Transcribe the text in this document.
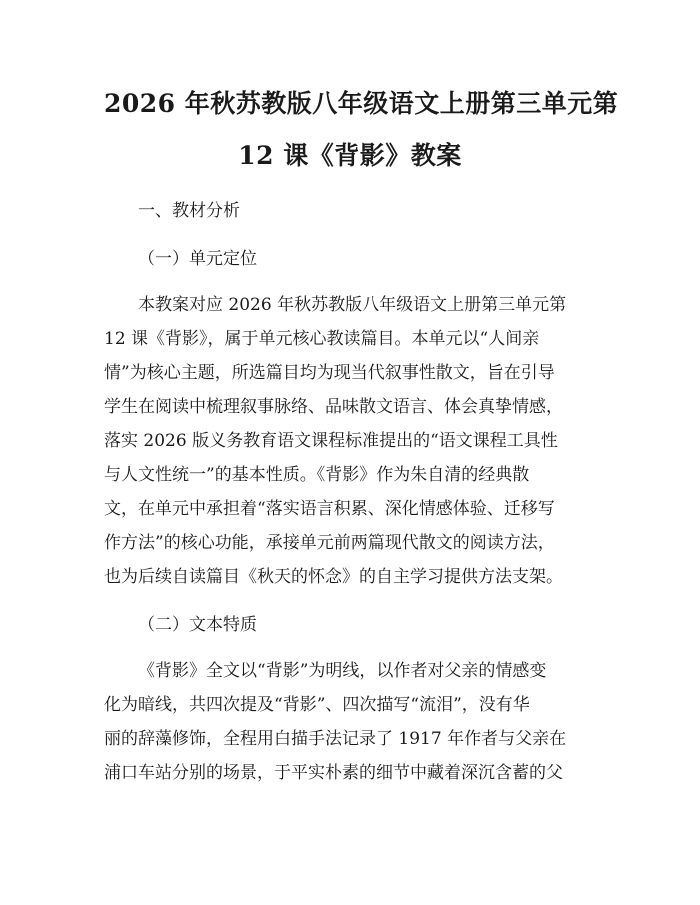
2026 年秋苏教版八年级语文上册第三单元第
12 课《背影》教案

一、教材分析

（一）单元定位

本教案对应 2026 年秋苏教版八年级语文上册第三单元第
12 课《背影》，属于单元核心教读篇目。本单元以“人间亲
情”为核心主题，所选篇目均为现当代叙事性散文，旨在引导
学生在阅读中梳理叙事脉络、品味散文语言、体会真挚情感，
落实 2026 版义务教育语文课程标准提出的“语文课程工具性
与人文性统一”的基本性质。《背影》作为朱自清的经典散
文，在单元中承担着“落实语言积累、深化情感体验、迁移写
作方法”的核心功能，承接单元前两篇现代散文的阅读方法，
也为后续自读篇目《秋天的怀念》的自主学习提供方法支架。

（二）文本特质

《背影》全文以“背影”为明线，以作者对父亲的情感变
化为暗线，共四次提及“背影”、四次描写“流泪”，没有华
丽的辞藻修饰，全程用白描手法记录了 1917 年作者与父亲在
浦口车站分别的场景，于平实朴素的细节中藏着深沉含蓄的父
